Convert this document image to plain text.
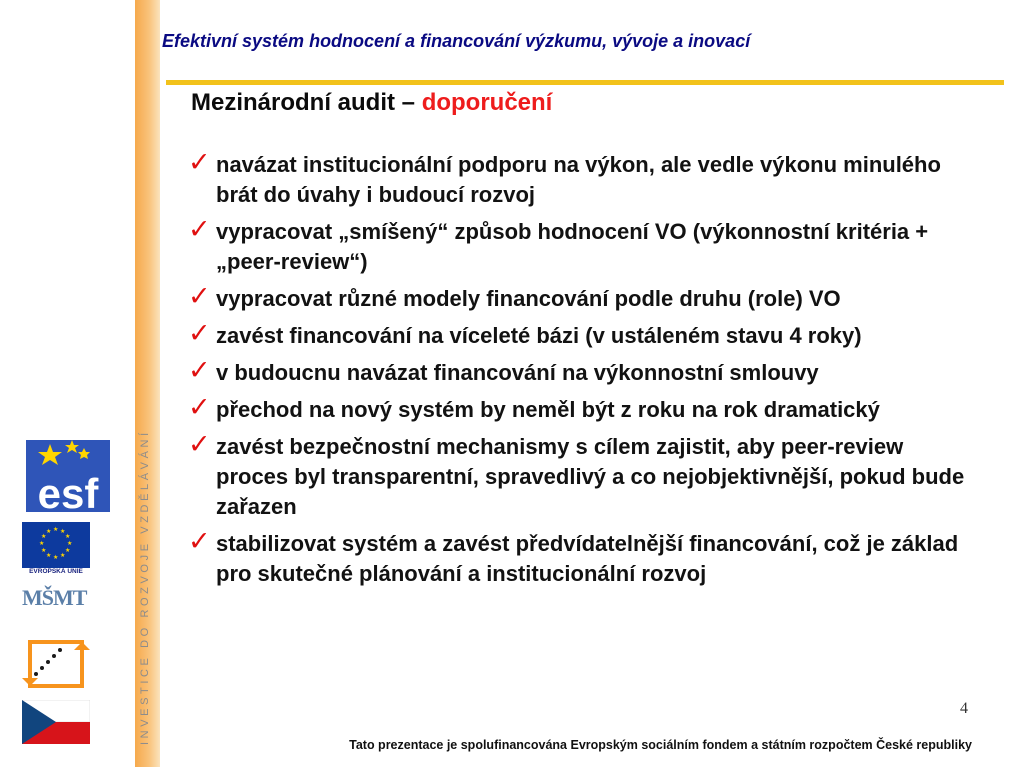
INVESTICE DO ROZVOJE VZDĚLÁVÁNÍ
Efektivní systém hodnocení a financování výzkumu, vývoje a inovací
Mezinárodní audit – doporučení
✓ navázat institucionální podporu na výkon, ale vedle výkonu minulého brát do úvahy i budoucí rozvoj
✓ vypracovat „smíšený“ způsob hodnocení VO (výkonnostní kritéria + „peer-review“)
✓ vypracovat různé modely financování podle druhu (role) VO
✓ zavést financování na víceleté bázi (v ustáleném stavu 4 roky)
✓ v budoucnu navázat financování na výkonnostní smlouvy
✓ přechod na nový systém by neměl být z roku na rok dramatický
✓ zavést bezpečnostní mechanismy s cílem zajistit, aby peer-review proces byl transparentní, spravedlivý a co nejobjektivnější, pokud bude zařazen
✓ stabilizovat systém a zavést předvídatelnější financování, což je základ pro skutečné plánování a institucionální rozvoj
esf
★ ★
★
★
★
★
★
★
★
★
★
★
EVROPSKÁ UNIE
MŠMT
4
Tato prezentace je spolufinancována Evropským sociálním fondem a státním rozpočtem České republiky
